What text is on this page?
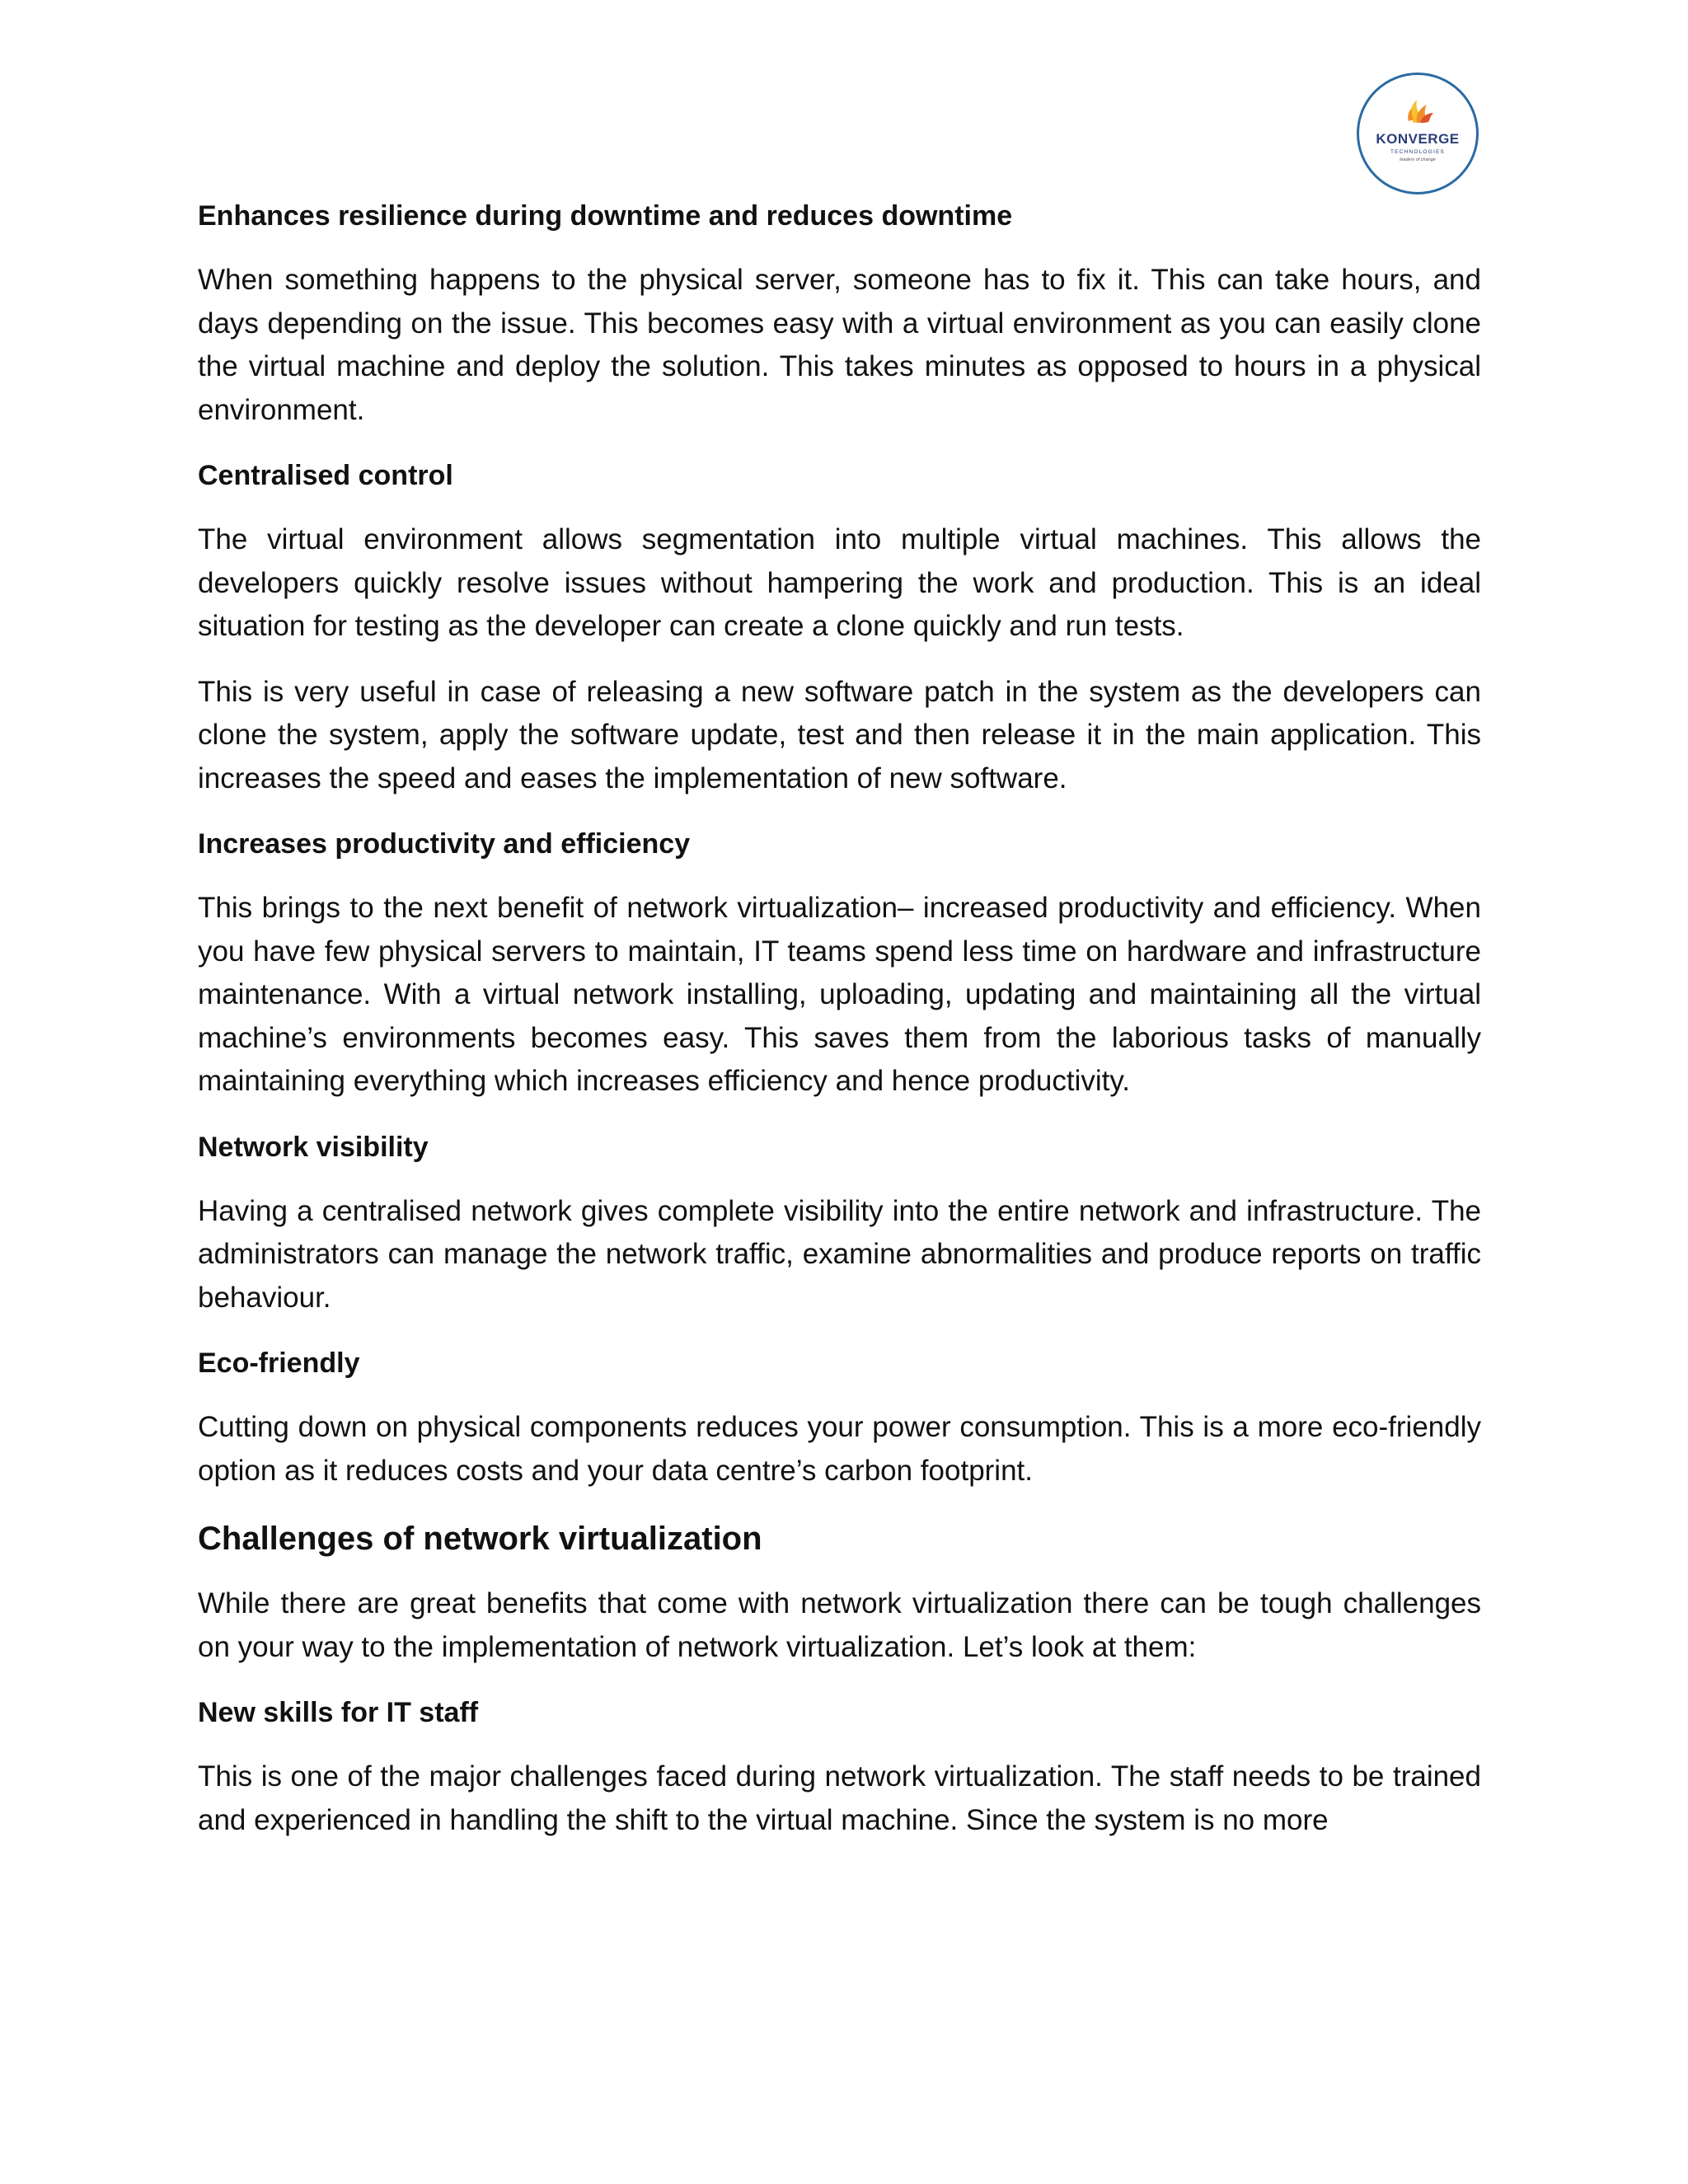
KONVERGE
TECHNOLOGIES
leaders of change
Enhances resilience during downtime and reduces downtime

When something happens to the physical server, someone has to fix it. This can take hours, and days depending on the issue. This becomes easy with a virtual environment as you can easily clone the virtual machine and deploy the solution. This takes minutes as opposed to hours in a physical environment.

Centralised control

The virtual environment allows segmentation into multiple virtual machines. This allows the developers quickly resolve issues without hampering the work and production. This is an ideal situation for testing as the developer can create a clone quickly and run tests.

This is very useful in case of releasing a new software patch in the system as the developers can clone the system, apply the software update, test and then release it in the main application. This increases the speed and eases the implementation of new software.

Increases productivity and efficiency

This brings to the next benefit of network virtualization– increased productivity and efficiency. When you have few physical servers to maintain, IT teams spend less time on hardware and infrastructure maintenance. With a virtual network installing, uploading, updating and maintaining all the virtual machine’s environments becomes easy. This saves them from the laborious tasks of manually maintaining everything which increases efficiency and hence productivity.

Network visibility

Having a centralised network gives complete visibility into the entire network and infrastructure. The administrators can manage the network traffic, examine abnormalities and produce reports on traffic behaviour.

Eco-friendly

Cutting down on physical components reduces your power consumption. This is a more eco-friendly option as it reduces costs and your data centre’s carbon footprint.

Challenges of network virtualization

While there are great benefits that come with network virtualization there can be tough challenges on your way to the implementation of network virtualization. Let’s look at them:

New skills for IT staff

This is one of the major challenges faced during network virtualization. The staff needs to be trained and experienced in handling the shift to the virtual machine. Since the system is no more
